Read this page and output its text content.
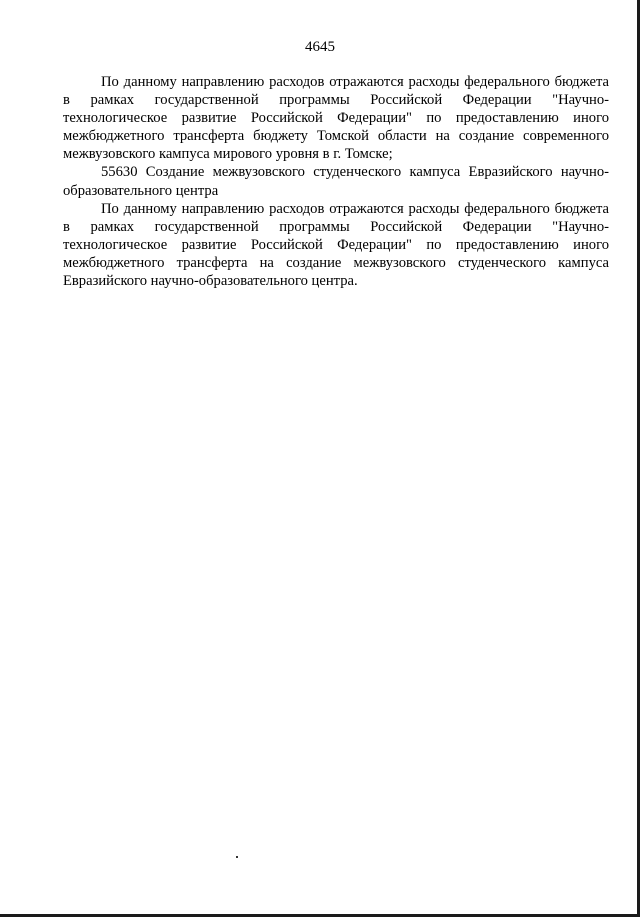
4645

По данному направлению расходов отражаются расходы федерального бюджета в рамках государственной программы Российской Федерации "Научно-технологическое развитие Российской Федерации" по предоставлению иного межбюджетного трансферта бюджету Томской области на создание современного межвузовского кампуса мирового уровня в г. Томске;

55630 Создание межвузовского студенческого кампуса Евразийского научно-образовательного центра

По данному направлению расходов отражаются расходы федерального бюджета в рамках государственной программы Российской Федерации "Научно-технологическое развитие Российской Федерации" по предоставлению иного межбюджетного трансферта на создание межвузовского студенческого кампуса Евразийского научно-образовательного центра.
